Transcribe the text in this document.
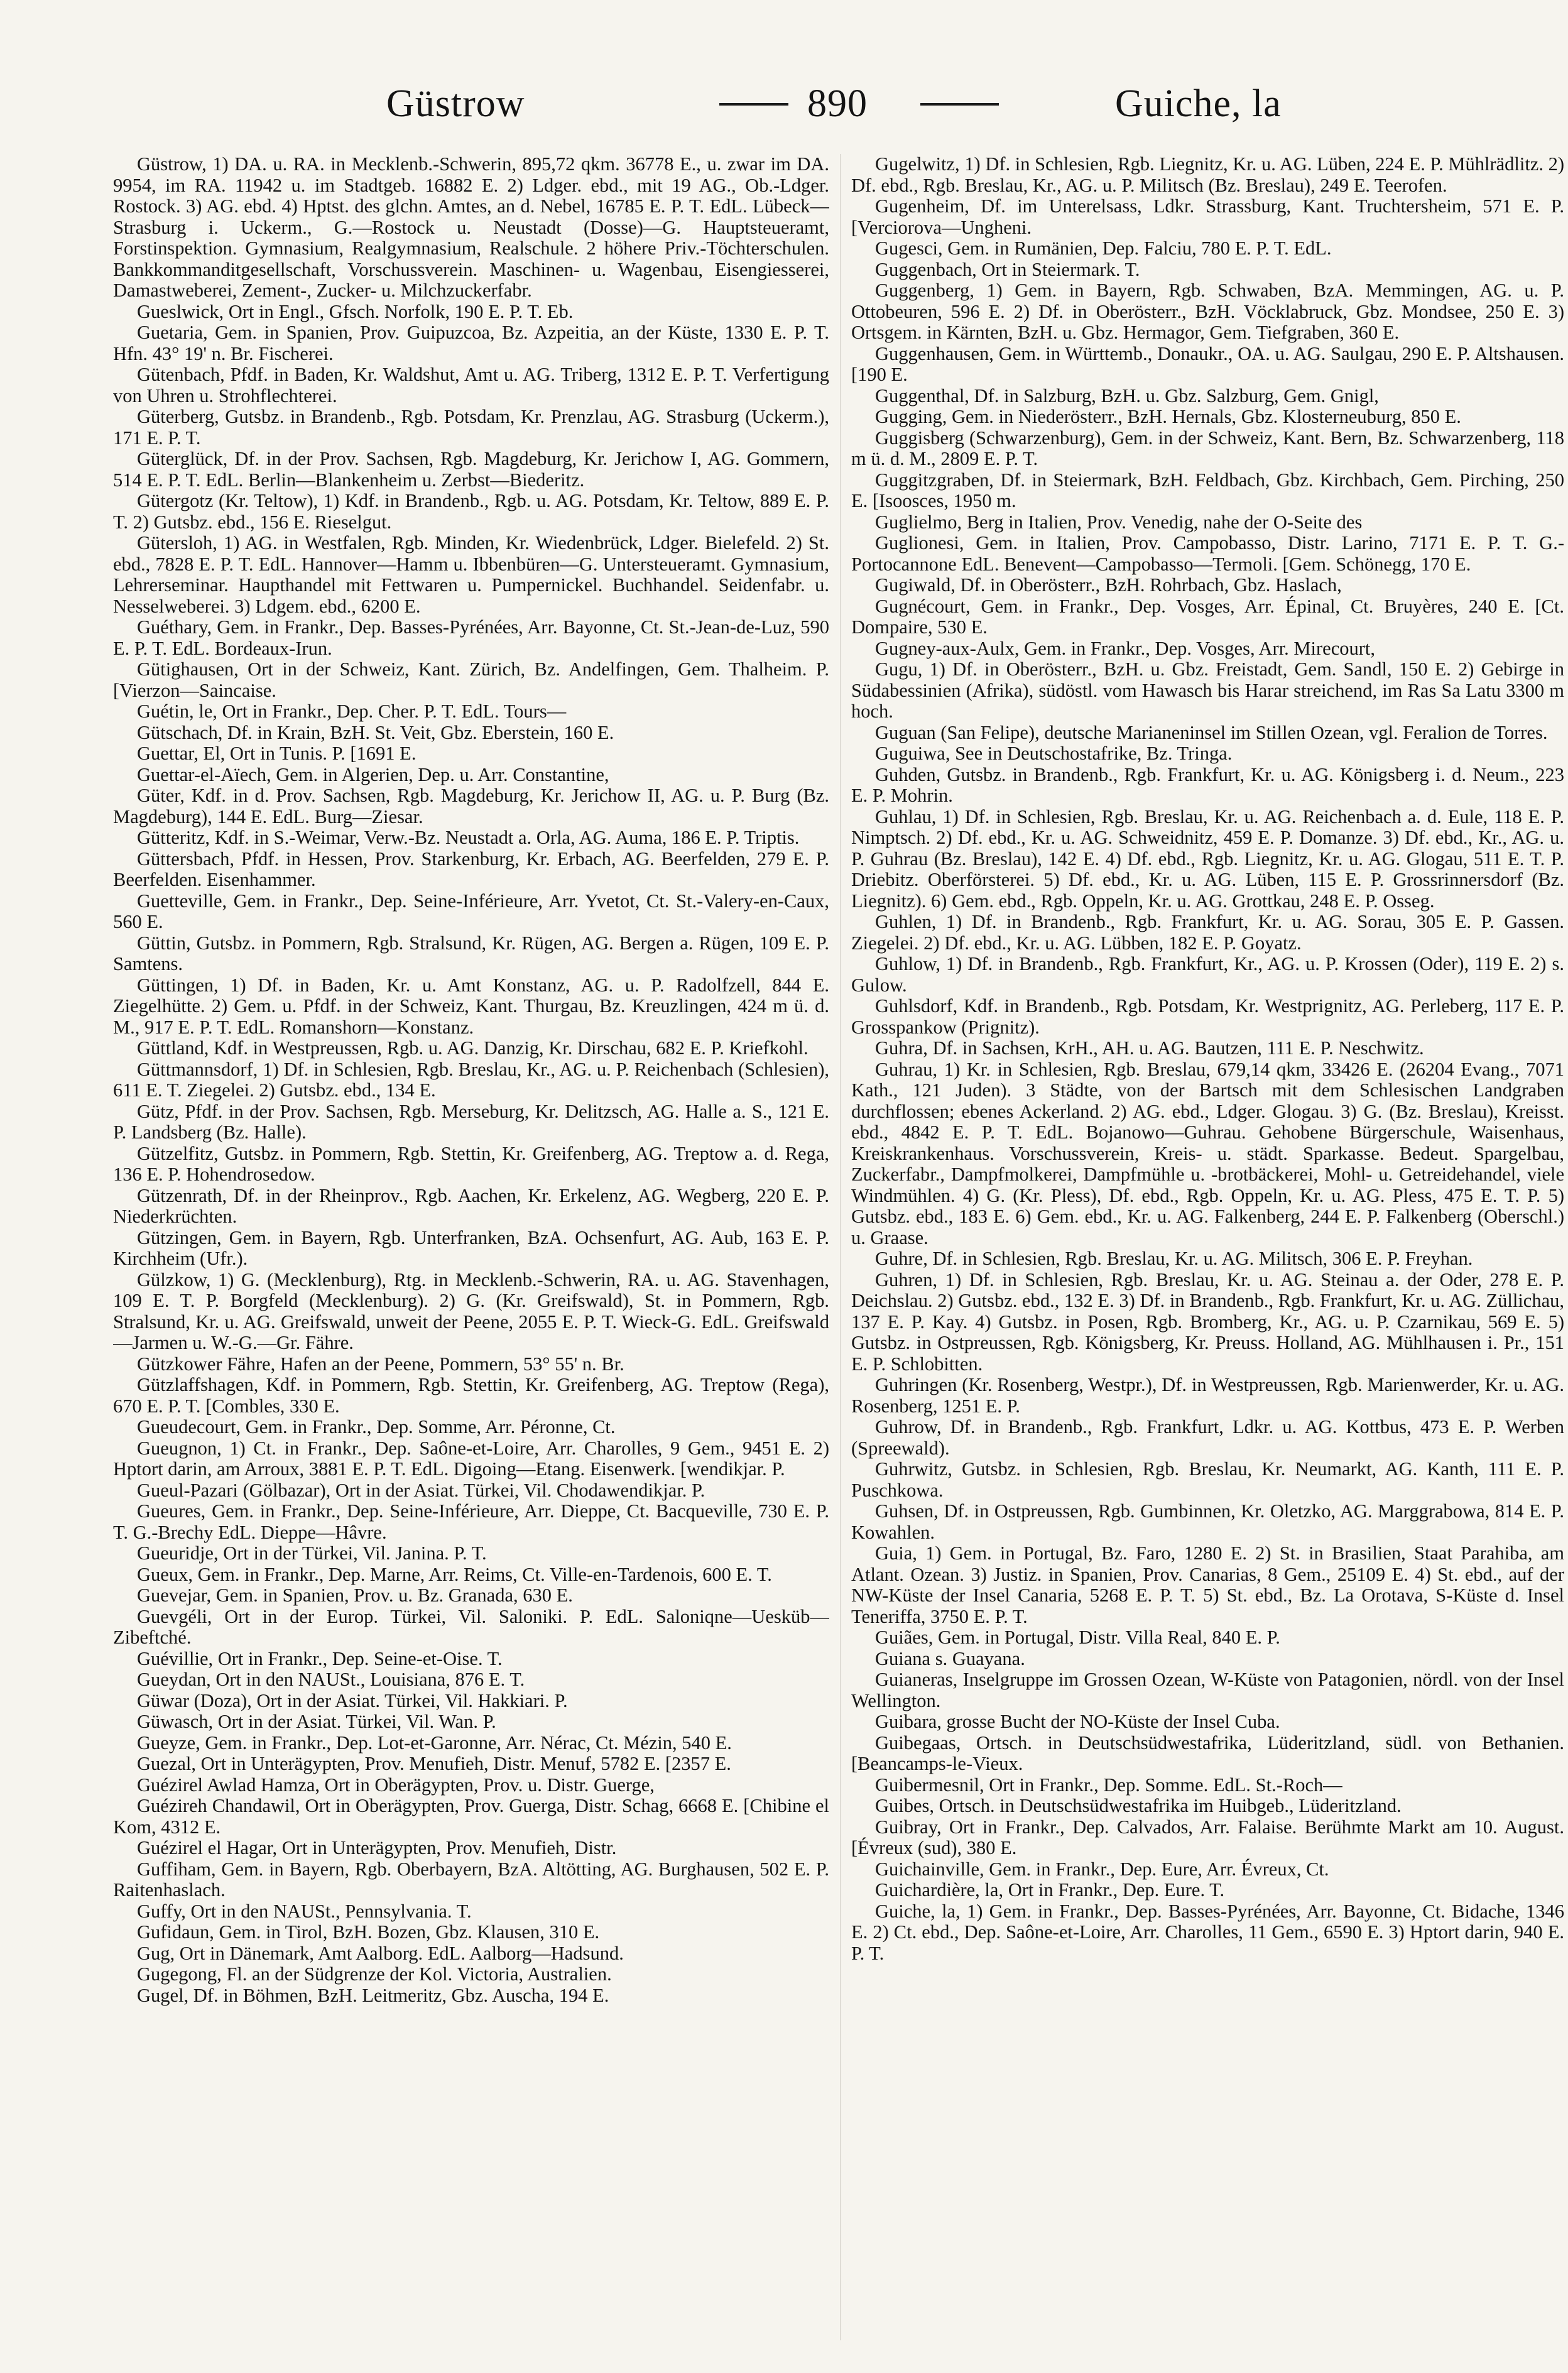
Güstrow	890	Guiche, la

Güstrow, 1) DA. u. RA. in Mecklenb.-Schwerin, 895,72 qkm. 36778 E., u. zwar im DA. 9954, im RA. 11942 u. im Stadtgeb. 16882 E. 2) Ldger. ebd., mit 19 AG., Ob.-Ldger. Rostock. 3) AG. ebd. 4) Hptst. des glchn. Amtes, an d. Nebel, 16785 E. P. T. EdL. Lübeck—Strasburg i. Uckerm., G.—Rostock u. Neustadt (Dosse)—G. Hauptsteueramt, Forstinspektion. Gymnasium, Realgymnasium, Realschule. 2 höhere Priv.-Töchterschulen. Bankkommanditgesellschaft, Vorschussverein. Maschinen- u. Wagenbau, Eisengiesserei, Damastweberei, Zement-, Zucker- u. Milchzuckerfabr.

Gueslwick, Ort in Engl., Gfsch. Norfolk, 190 E. P. T. Eb.

Guetaria, Gem. in Spanien, Prov. Guipuzcoa, Bz. Azpeitia, an der Küste, 1330 E. P. T. Hfn. 43° 19' n. Br. Fischerei.

Gütenbach, Pfdf. in Baden, Kr. Waldshut, Amt u. AG. Triberg, 1312 E. P. T. Verfertigung von Uhren u. Strohflechterei.

Güterberg, Gutsbz. in Brandenb., Rgb. Potsdam, Kr. Prenzlau, AG. Strasburg (Uckerm.), 171 E. P. T.

Güterglück, Df. in der Prov. Sachsen, Rgb. Magdeburg, Kr. Jerichow I, AG. Gommern, 514 E. P. T. EdL. Berlin—Blankenheim u. Zerbst—Biederitz.

Gütergotz (Kr. Teltow), 1) Kdf. in Brandenb., Rgb. u. AG. Potsdam, Kr. Teltow, 889 E. P. T. 2) Gutsbz. ebd., 156 E. Rieselgut.

Gütersloh, 1) AG. in Westfalen, Rgb. Minden, Kr. Wiedenbrück, Ldger. Bielefeld. 2) St. ebd., 7828 E. P. T. EdL. Hannover—Hamm u. Ibbenbüren—G. Untersteueramt. Gymnasium, Lehrerseminar. Haupthandel mit Fettwaren u. Pumpernickel. Buchhandel. Seidenfabr. u. Nesselweberei. 3) Ldgem. ebd., 6200 E.

Guéthary, Gem. in Frankr., Dep. Basses-Pyrénées, Arr. Bayonne, Ct. St.-Jean-de-Luz, 590 E. P. T. EdL. Bordeaux-Irun.

Gütighausen, Ort in der Schweiz, Kant. Zürich, Bz. Andelfingen, Gem. Thalheim. P. [Vierzon—Saincaise.

Guétin, le, Ort in Frankr., Dep. Cher. P. T. EdL. Tours—

Gütschach, Df. in Krain, BzH. St. Veit, Gbz. Eberstein, 160 E.

Guettar, El, Ort in Tunis. P. [1691 E.

Guettar-el-Aïech, Gem. in Algerien, Dep. u. Arr. Constantine,

Güter, Kdf. in d. Prov. Sachsen, Rgb. Magdeburg, Kr. Jerichow II, AG. u. P. Burg (Bz. Magdeburg), 144 E. EdL. Burg—Ziesar.

Gütteritz, Kdf. in S.-Weimar, Verw.-Bz. Neustadt a. Orla, AG. Auma, 186 E. P. Triptis.

Güttersbach, Pfdf. in Hessen, Prov. Starkenburg, Kr. Erbach, AG. Beerfelden, 279 E. P. Beerfelden. Eisenhammer.

Guetteville, Gem. in Frankr., Dep. Seine-Inférieure, Arr. Yvetot, Ct. St.-Valery-en-Caux, 560 E.

Güttin, Gutsbz. in Pommern, Rgb. Stralsund, Kr. Rügen, AG. Bergen a. Rügen, 109 E. P. Samtens.

Güttingen, 1) Df. in Baden, Kr. u. Amt Konstanz, AG. u. P. Radolfzell, 844 E. Ziegelhütte. 2) Gem. u. Pfdf. in der Schweiz, Kant. Thurgau, Bz. Kreuzlingen, 424 m ü. d. M., 917 E. P. T. EdL. Romanshorn—Konstanz.

Güttland, Kdf. in Westpreussen, Rgb. u. AG. Danzig, Kr. Dirschau, 682 E. P. Kriefkohl.

Güttmannsdorf, 1) Df. in Schlesien, Rgb. Breslau, Kr., AG. u. P. Reichenbach (Schlesien), 611 E. T. Ziegelei. 2) Gutsbz. ebd., 134 E.

Gütz, Pfdf. in der Prov. Sachsen, Rgb. Merseburg, Kr. Delitzsch, AG. Halle a. S., 121 E. P. Landsberg (Bz. Halle).

Gützelfitz, Gutsbz. in Pommern, Rgb. Stettin, Kr. Greifenberg, AG. Treptow a. d. Rega, 136 E. P. Hohendrosedow.

Gützenrath, Df. in der Rheinprov., Rgb. Aachen, Kr. Erkelenz, AG. Wegberg, 220 E. P. Niederkrüchten.

Gützingen, Gem. in Bayern, Rgb. Unterfranken, BzA. Ochsenfurt, AG. Aub, 163 E. P. Kirchheim (Ufr.).

Gülzkow, 1) G. (Mecklenburg), Rtg. in Mecklenb.-Schwerin, RA. u. AG. Stavenhagen, 109 E. T. P. Borgfeld (Mecklenburg). 2) G. (Kr. Greifswald), St. in Pommern, Rgb. Stralsund, Kr. u. AG. Greifswald, unweit der Peene, 2055 E. P. T. Wieck-G. EdL. Greifswald—Jarmen u. W.-G.—Gr. Fähre.

Gützkower Fähre, Hafen an der Peene, Pommern, 53° 55' n. Br.

Gützlaffshagen, Kdf. in Pommern, Rgb. Stettin, Kr. Greifenberg, AG. Treptow (Rega), 670 E. P. T. [Combles, 330 E.

Gueudecourt, Gem. in Frankr., Dep. Somme, Arr. Péronne, Ct.

Gueugnon, 1) Ct. in Frankr., Dep. Saône-et-Loire, Arr. Charolles, 9 Gem., 9451 E. 2) Hptort darin, am Arroux, 3881 E. P. T. EdL. Digoing—Etang. Eisenwerk. [wendikjar. P.

Gueul-Pazari (Gölbazar), Ort in der Asiat. Türkei, Vil. Chodawendikjar. P.

Gueures, Gem. in Frankr., Dep. Seine-Inférieure, Arr. Dieppe, Ct. Bacqueville, 730 E. P. T. G.-Brechy EdL. Dieppe—Hâvre.

Gueuridje, Ort in der Türkei, Vil. Janina. P. T.

Gueux, Gem. in Frankr., Dep. Marne, Arr. Reims, Ct. Ville-en-Tardenois, 600 E. T.

Guevejar, Gem. in Spanien, Prov. u. Bz. Granada, 630 E.

Guevgéli, Ort in der Europ. Türkei, Vil. Saloniki. P. EdL. Saloniqne—Uesküb—Zibeftché.

Guévillie, Ort in Frankr., Dep. Seine-et-Oise. T.

Gueydan, Ort in den NAUSt., Louisiana, 876 E. T.

Güwar (Doza), Ort in der Asiat. Türkei, Vil. Hakkiari. P.

Güwasch, Ort in der Asiat. Türkei, Vil. Wan. P.

Gueyze, Gem. in Frankr., Dep. Lot-et-Garonne, Arr. Nérac, Ct. Mézin, 540 E.

Guezal, Ort in Unterägypten, Prov. Menufieh, Distr. Menuf, 5782 E. [2357 E.

Guézirel Awlad Hamza, Ort in Oberägypten, Prov. u. Distr. Guerge,

Guézireh Chandawil, Ort in Oberägypten, Prov. Guerga, Distr. Schag, 6668 E. [Chibine el Kom, 4312 E.

Guézirel el Hagar, Ort in Unterägypten, Prov. Menufieh, Distr.

Guffiham, Gem. in Bayern, Rgb. Oberbayern, BzA. Altötting, AG. Burghausen, 502 E. P. Raitenhaslach.

Guffy, Ort in den NAUSt., Pennsylvania. T.

Gufidaun, Gem. in Tirol, BzH. Bozen, Gbz. Klausen, 310 E.

Gug, Ort in Dänemark, Amt Aalborg. EdL. Aalborg—Hadsund.

Gugegong, Fl. an der Südgrenze der Kol. Victoria, Australien.

Gugel, Df. in Böhmen, BzH. Leitmeritz, Gbz. Auscha, 194 E.

Gugelwitz, 1) Df. in Schlesien, Rgb. Liegnitz, Kr. u. AG. Lüben, 224 E. P. Mühlrädlitz. 2) Df. ebd., Rgb. Breslau, Kr., AG. u. P. Militsch (Bz. Breslau), 249 E. Teerofen.

Gugenheim, Df. im Unterelsass, Ldkr. Strassburg, Kant. Truchtersheim, 571 E. P. [Verciorova—Ungheni.

Gugesci, Gem. in Rumänien, Dep. Falciu, 780 E. P. T. EdL.

Guggenbach, Ort in Steiermark. T.

Guggenberg, 1) Gem. in Bayern, Rgb. Schwaben, BzA. Memmingen, AG. u. P. Ottobeuren, 596 E. 2) Df. in Oberösterr., BzH. Vöcklabruck, Gbz. Mondsee, 250 E. 3) Ortsgem. in Kärnten, BzH. u. Gbz. Hermagor, Gem. Tiefgraben, 360 E.

Guggenhausen, Gem. in Württemb., Donaukr., OA. u. AG. Saulgau, 290 E. P. Altshausen. [190 E.

Guggenthal, Df. in Salzburg, BzH. u. Gbz. Salzburg, Gem. Gnigl,

Gugging, Gem. in Niederösterr., BzH. Hernals, Gbz. Klosterneuburg, 850 E.

Guggisberg (Schwarzenburg), Gem. in der Schweiz, Kant. Bern, Bz. Schwarzenberg, 118 m ü. d. M., 2809 E. P. T.

Guggitzgraben, Df. in Steiermark, BzH. Feldbach, Gbz. Kirchbach, Gem. Pirching, 250 E. [Isoosces, 1950 m.

Guglielmo, Berg in Italien, Prov. Venedig, nahe der O-Seite des

Guglionesi, Gem. in Italien, Prov. Campobasso, Distr. Larino, 7171 E. P. T. G.-Portocannone EdL. Benevent—Campobasso—Termoli. [Gem. Schönegg, 170 E.

Gugiwald, Df. in Oberösterr., BzH. Rohrbach, Gbz. Haslach,

Gugnécourt, Gem. in Frankr., Dep. Vosges, Arr. Épinal, Ct. Bruyères, 240 E. [Ct. Dompaire, 530 E.

Gugney-aux-Aulx, Gem. in Frankr., Dep. Vosges, Arr. Mirecourt,

Gugu, 1) Df. in Oberösterr., BzH. u. Gbz. Freistadt, Gem. Sandl, 150 E. 2) Gebirge in Südabessinien (Afrika), südöstl. vom Hawasch bis Harar streichend, im Ras Sa Latu 3300 m hoch.

Guguan (San Felipe), deutsche Marianeninsel im Stillen Ozean, vgl. Feralion de Torres.

Guguiwa, See in Deutschostafrike, Bz. Tringa.

Guhden, Gutsbz. in Brandenb., Rgb. Frankfurt, Kr. u. AG. Königsberg i. d. Neum., 223 E. P. Mohrin.

Guhlau, 1) Df. in Schlesien, Rgb. Breslau, Kr. u. AG. Reichenbach a. d. Eule, 118 E. P. Nimptsch. 2) Df. ebd., Kr. u. AG. Schweidnitz, 459 E. P. Domanze. 3) Df. ebd., Kr., AG. u. P. Guhrau (Bz. Breslau), 142 E. 4) Df. ebd., Rgb. Liegnitz, Kr. u. AG. Glogau, 511 E. T. P. Driebitz. Oberförsterei. 5) Df. ebd., Kr. u. AG. Lüben, 115 E. P. Grossrinnersdorf (Bz. Liegnitz). 6) Gem. ebd., Rgb. Oppeln, Kr. u. AG. Grottkau, 248 E. P. Osseg.

Guhlen, 1) Df. in Brandenb., Rgb. Frankfurt, Kr. u. AG. Sorau, 305 E. P. Gassen. Ziegelei. 2) Df. ebd., Kr. u. AG. Lübben, 182 E. P. Goyatz.

Guhlow, 1) Df. in Brandenb., Rgb. Frankfurt, Kr., AG. u. P. Krossen (Oder), 119 E. 2) s. Gulow.

Guhlsdorf, Kdf. in Brandenb., Rgb. Potsdam, Kr. Westprignitz, AG. Perleberg, 117 E. P. Grosspankow (Prignitz).

Guhra, Df. in Sachsen, KrH., AH. u. AG. Bautzen, 111 E. P. Neschwitz.

Guhrau, 1) Kr. in Schlesien, Rgb. Breslau, 679,14 qkm, 33426 E. (26204 Evang., 7071 Kath., 121 Juden). 3 Städte, von der Bartsch mit dem Schlesischen Landgraben durchflossen; ebenes Ackerland. 2) AG. ebd., Ldger. Glogau. 3) G. (Bz. Breslau), Kreisst. ebd., 4842 E. P. T. EdL. Bojanowo—Guhrau. Gehobene Bürgerschule, Waisenhaus, Kreiskrankenhaus. Vorschussverein, Kreis- u. städt. Sparkasse. Bedeut. Spargelbau, Zuckerfabr., Dampfmolkerei, Dampfmühle u. -brotbäckerei, Mohl- u. Getreidehandel, viele Windmühlen. 4) G. (Kr. Pless), Df. ebd., Rgb. Oppeln, Kr. u. AG. Pless, 475 E. T. P. 5) Gutsbz. ebd., 183 E. 6) Gem. ebd., Kr. u. AG. Falkenberg, 244 E. P. Falkenberg (Oberschl.) u. Graase.

Guhre, Df. in Schlesien, Rgb. Breslau, Kr. u. AG. Militsch, 306 E. P. Freyhan.

Guhren, 1) Df. in Schlesien, Rgb. Breslau, Kr. u. AG. Steinau a. der Oder, 278 E. P. Deichslau. 2) Gutsbz. ebd., 132 E. 3) Df. in Brandenb., Rgb. Frankfurt, Kr. u. AG. Züllichau, 137 E. P. Kay. 4) Gutsbz. in Posen, Rgb. Bromberg, Kr., AG. u. P. Czarnikau, 569 E. 5) Gutsbz. in Ostpreussen, Rgb. Königsberg, Kr. Preuss. Holland, AG. Mühlhausen i. Pr., 151 E. P. Schlobitten.

Guhringen (Kr. Rosenberg, Westpr.), Df. in Westpreussen, Rgb. Marienwerder, Kr. u. AG. Rosenberg, 1251 E. P.

Guhrow, Df. in Brandenb., Rgb. Frankfurt, Ldkr. u. AG. Kottbus, 473 E. P. Werben (Spreewald).

Guhrwitz, Gutsbz. in Schlesien, Rgb. Breslau, Kr. Neumarkt, AG. Kanth, 111 E. P. Puschkowa.

Guhsen, Df. in Ostpreussen, Rgb. Gumbinnen, Kr. Oletzko, AG. Marggrabowa, 814 E. P. Kowahlen.

Guia, 1) Gem. in Portugal, Bz. Faro, 1280 E. 2) St. in Brasilien, Staat Parahiba, am Atlant. Ozean. 3) Justiz. in Spanien, Prov. Canarias, 8 Gem., 25109 E. 4) St. ebd., auf der NW-Küste der Insel Canaria, 5268 E. P. T. 5) St. ebd., Bz. La Orotava, S-Küste d. Insel Teneriffa, 3750 E. P. T.

Guiães, Gem. in Portugal, Distr. Villa Real, 840 E. P.

Guiana s. Guayana.

Guianeras, Inselgruppe im Grossen Ozean, W-Küste von Patagonien, nördl. von der Insel Wellington.

Guibara, grosse Bucht der NO-Küste der Insel Cuba.

Guibegaas, Ortsch. in Deutschsüdwestafrika, Lüderitzland, südl. von Bethanien. [Beancamps-le-Vieux.

Guibermesnil, Ort in Frankr., Dep. Somme. EdL. St.-Roch—

Guibes, Ortsch. in Deutschsüdwestafrika im Huibgeb., Lüderitzland.

Guibray, Ort in Frankr., Dep. Calvados, Arr. Falaise. Berühmte Markt am 10. August. [Évreux (sud), 380 E.

Guichainville, Gem. in Frankr., Dep. Eure, Arr. Évreux, Ct.

Guichardière, la, Ort in Frankr., Dep. Eure. T.

Guiche, la, 1) Gem. in Frankr., Dep. Basses-Pyrénées, Arr. Bayonne, Ct. Bidache, 1346 E. 2) Ct. ebd., Dep. Saône-et-Loire, Arr. Charolles, 11 Gem., 6590 E. 3) Hptort darin, 940 E. P. T.
